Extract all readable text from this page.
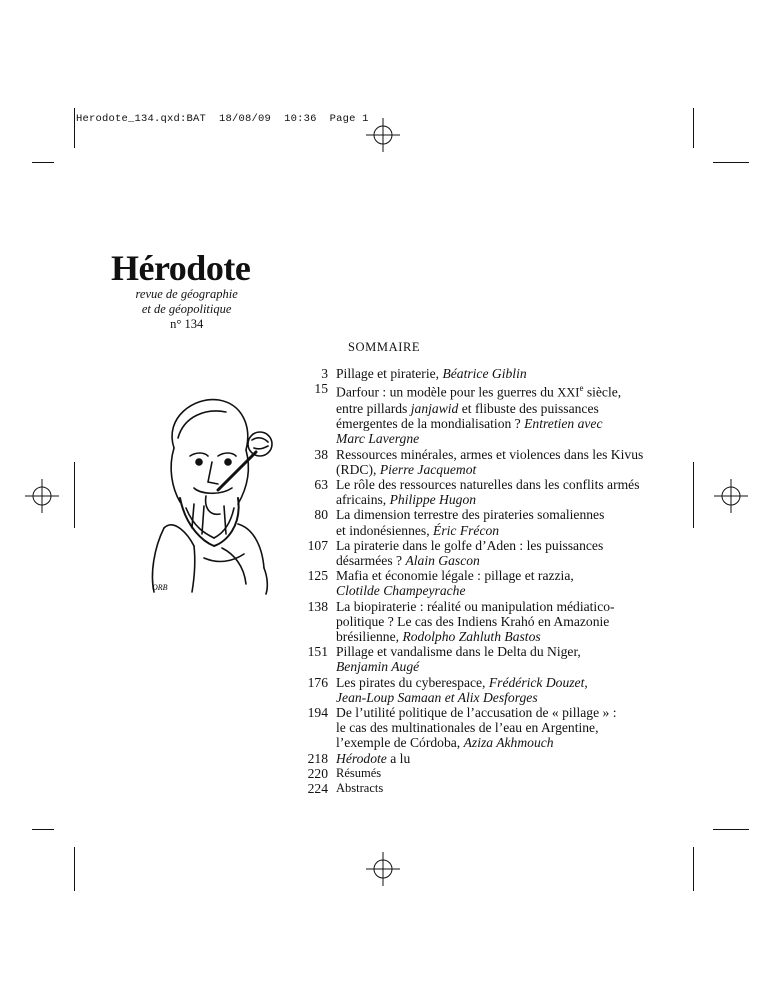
Herodote_134.qxd:BAT 18/08/09 10:36 Page 1
Hérodote
revue de géographie
et de géopolitique
n° 134
SOMMAIRE
ORB
3 Pillage et piraterie, Béatrice Giblin
15 Darfour : un modèle pour les guerres du XXIe siècle,
entre pillards janjawid et flibuste des puissances
émergentes de la mondialisation ? Entretien avec
Marc Lavergne
38 Ressources minérales, armes et violences dans les Kivus
(RDC), Pierre Jacquemot
63 Le rôle des ressources naturelles dans les conflits armés
africains, Philippe Hugon
80 La dimension terrestre des pirateries somaliennes
et indonésiennes, Éric Frécon
107 La piraterie dans le golfe d’Aden : les puissances
désarmées ? Alain Gascon
125 Mafia et économie légale : pillage et razzia,
Clotilde Champeyrache
138 La biopiraterie : réalité ou manipulation médiatico-
politique ? Le cas des Indiens Krahó en Amazonie
brésilienne, Rodolpho Zahluth Bastos
151 Pillage et vandalisme dans le Delta du Niger,
Benjamin Augé
176 Les pirates du cyberespace, Frédérick Douzet,
Jean-Loup Samaan et Alix Desforges
194 De l’utilité politique de l’accusation de « pillage » :
le cas des multinationales de l’eau en Argentine,
l’exemple de Córdoba, Aziza Akhmouch
218 Hérodote a lu
220 Résumés
224 Abstracts
